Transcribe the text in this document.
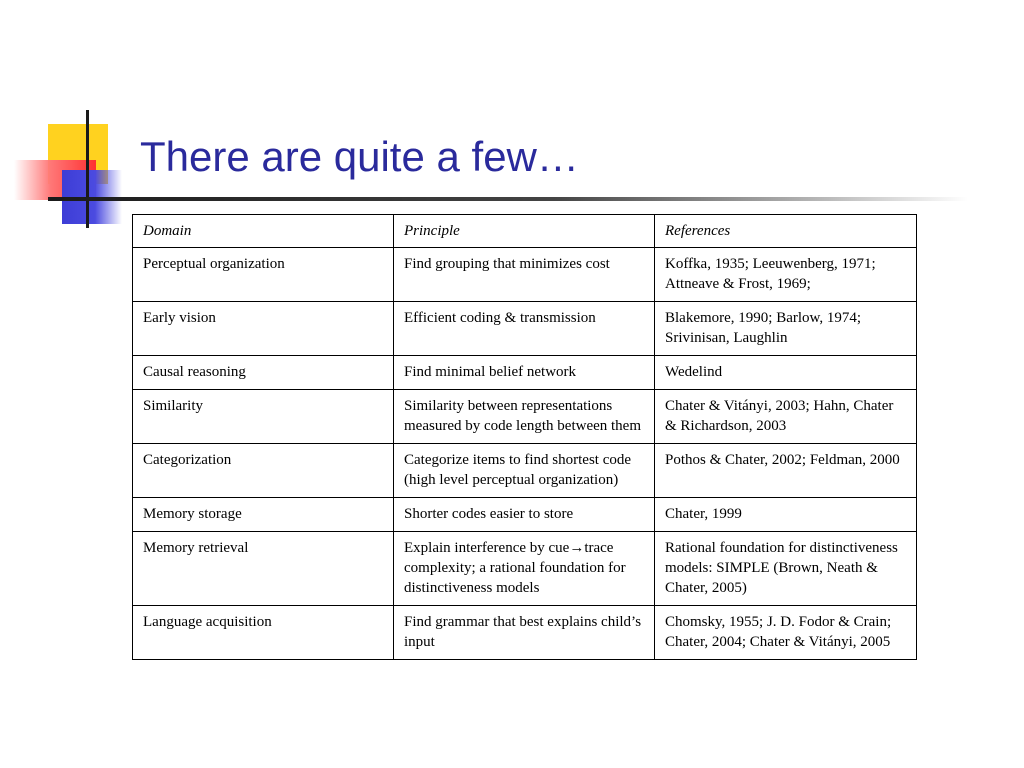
There are quite a few…
Domain	Principle	References
Perceptual organization	Find grouping that minimizes cost	Koffka, 1935; Leeuwenberg, 1971; Attneave & Frost, 1969;
Early vision	Efficient coding & transmission	Blakemore, 1990; Barlow, 1974; Srivinisan, Laughlin
Causal reasoning	Find minimal belief network	Wedelind
Similarity	Similarity between representations measured by code length between them	Chater & Vitányi, 2003; Hahn, Chater & Richardson, 2003
Categorization	Categorize items to find shortest code (high level perceptual organization)	Pothos & Chater, 2002; Feldman, 2000
Memory storage	Shorter codes easier to store	Chater, 1999
Memory retrieval	Explain interference by cue→trace complexity; a rational foundation for distinctiveness models	Rational foundation for distinctiveness models: SIMPLE (Brown, Neath & Chater, 2005)
Language acquisition	Find grammar that best explains child’s input	Chomsky, 1955; J. D. Fodor & Crain; Chater, 2004; Chater & Vitányi, 2005
